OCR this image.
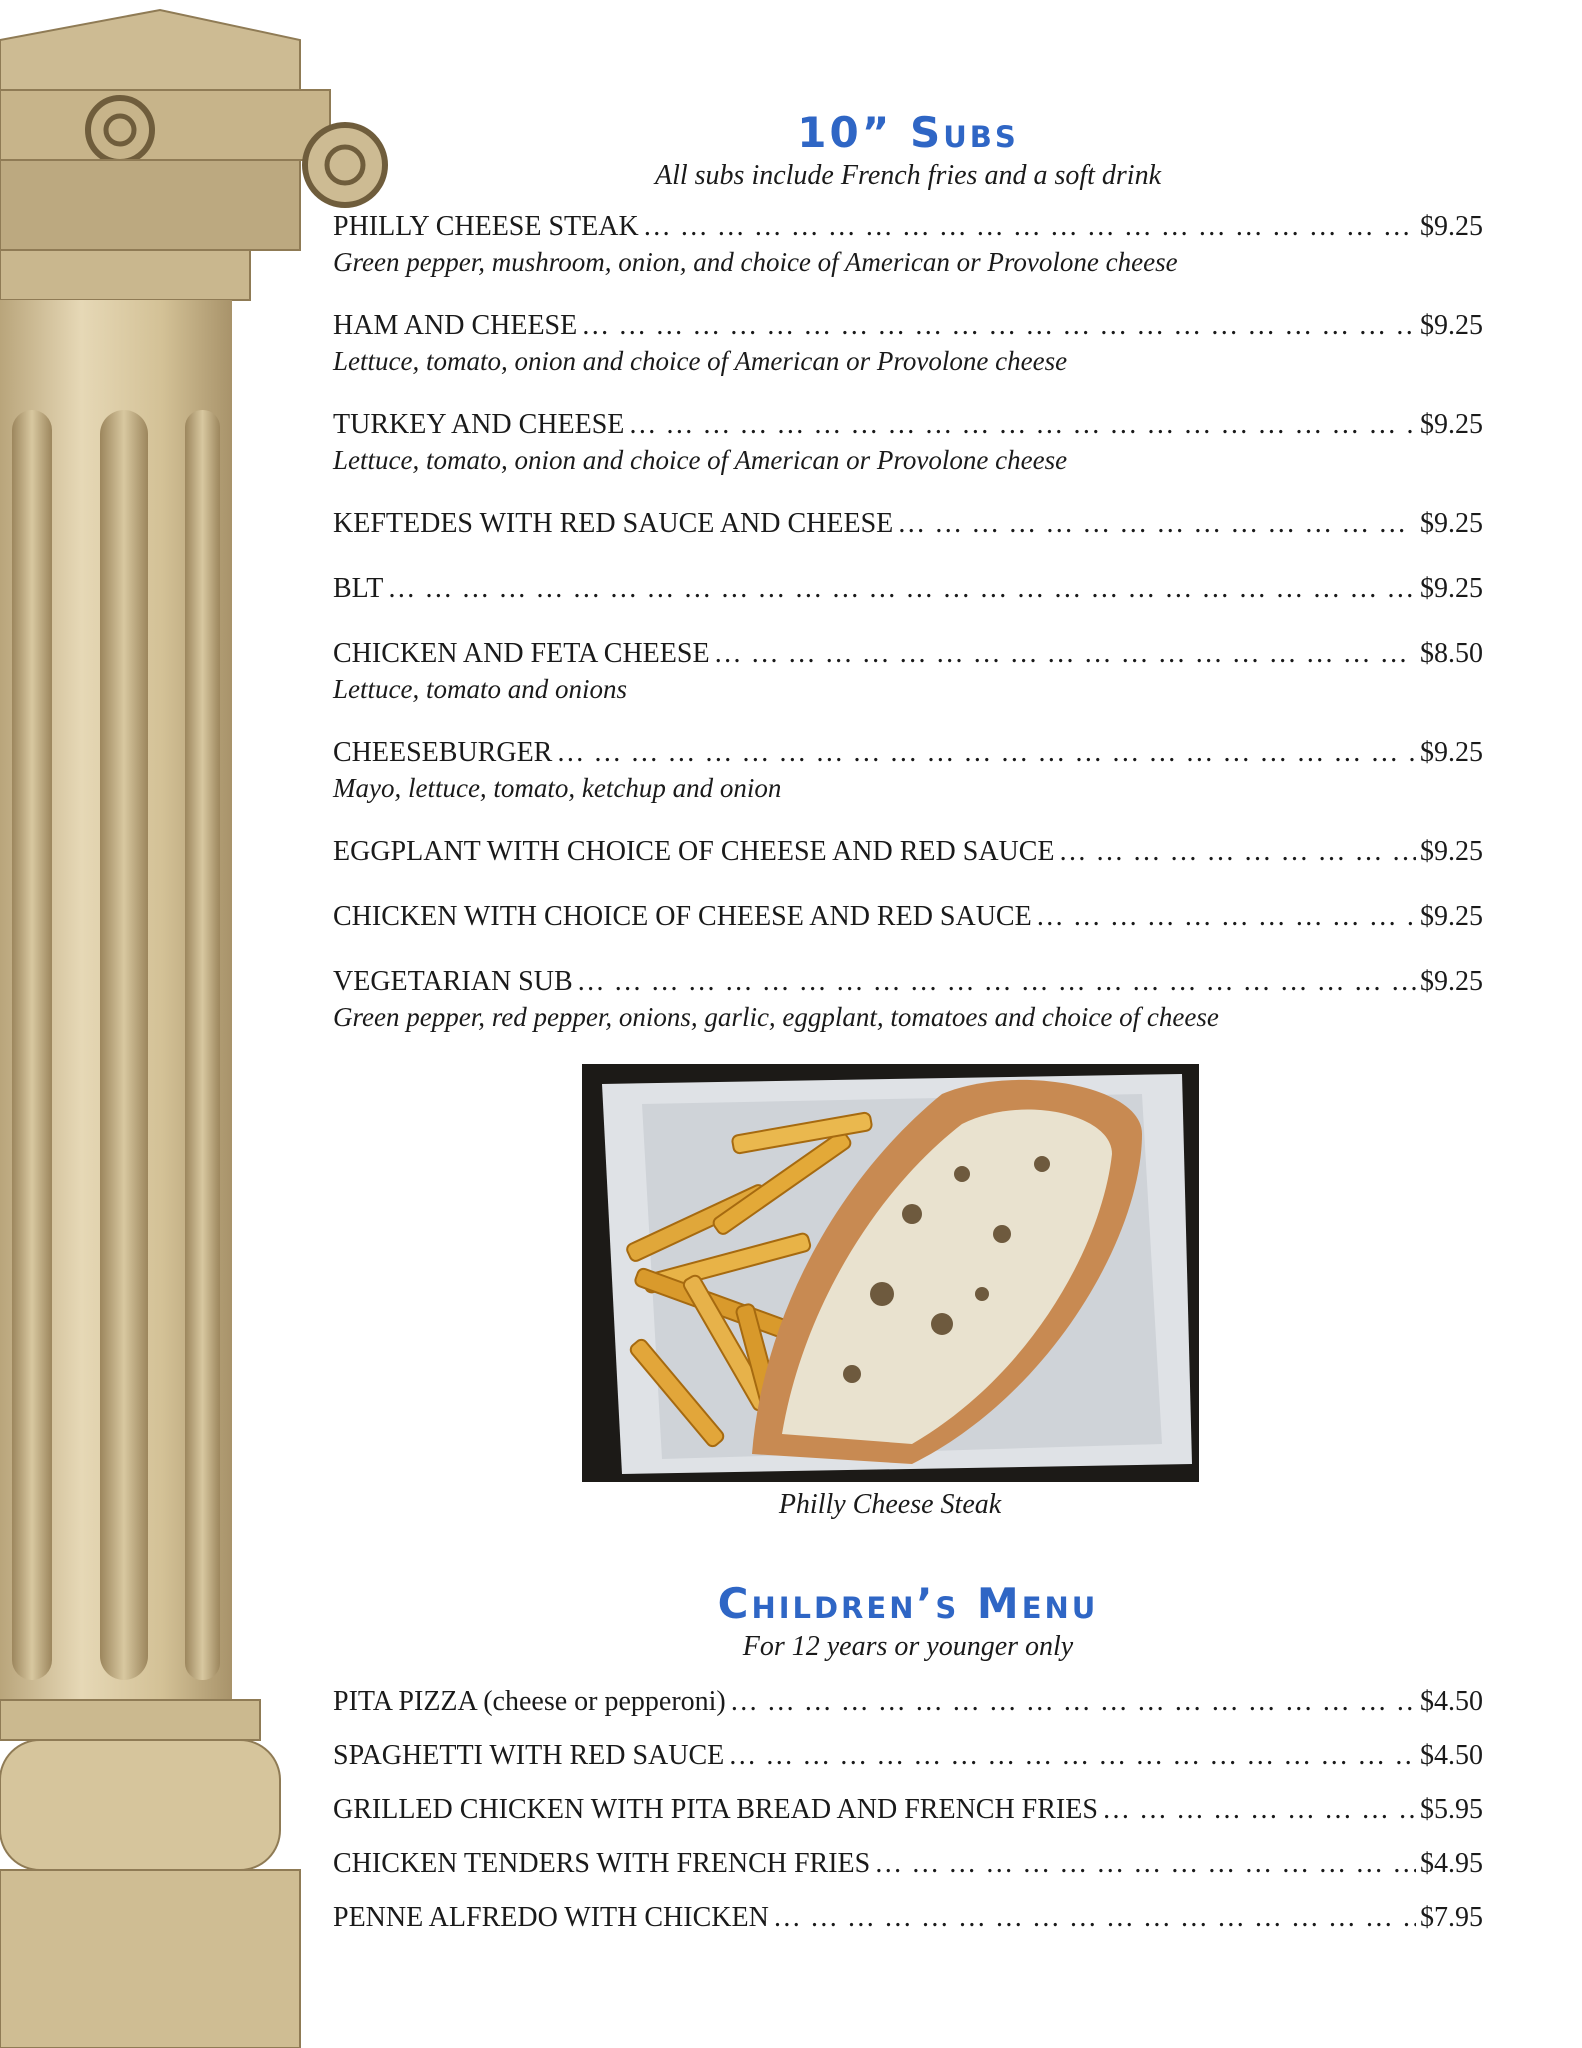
10” Subs

All subs include French fries and a soft drink

PHILLY CHEESE STEAK … … … … … … … … … … … … … … … … … … … … … … … … … … … … … … … … … … … … … … … … … … … … … … … … … … … … … … … … … …	$9.25
Green pepper, mushroom, onion, and choice of American or Provolone cheese
HAM AND CHEESE … … … … … … … … … … … … … … … … … … … … … … … … … … … … … … … … … … … … … … … … … … … … … … … … … … … … … … … … … …	$9.25
Lettuce, tomato, onion and choice of American or Provolone cheese
TURKEY AND CHEESE … … … … … … … … … … … … … … … … … … … … … … … … … … … … … … … … … … … … … … … … … … … … … … … … … … … … … … … … … …	$9.25
Lettuce, tomato, onion and choice of American or Provolone cheese
KEFTEDES WITH RED SAUCE AND CHEESE … … … … … … … … … … … … … … … … … … … … … … … … … … … … … … … … … … … … … … … … … … … … … … … … … … … … … … … … … …	$9.25
BLT … … … … … … … … … … … … … … … … … … … … … … … … … … … … … … … … … … … … … … … … … … … … … … … … … … … … … … … … … …	$9.25
CHICKEN AND FETA CHEESE … … … … … … … … … … … … … … … … … … … … … … … … … … … … … … … … … … … … … … … … … … … … … … … … … … … … … … … … … …	$8.50
Lettuce, tomato and onions
CHEESEBURGER … … … … … … … … … … … … … … … … … … … … … … … … … … … … … … … … … … … … … … … … … … … … … … … … … … … … … … … … … …	$9.25
Mayo, lettuce, tomato, ketchup and onion
EGGPLANT WITH CHOICE OF CHEESE AND RED SAUCE … … … … … … … … … … … … … … … … … … … … … … … … … … … … … … … … … … … … … … … … … … … … … … … … … … … … … … … … … …	$9.25
CHICKEN WITH CHOICE OF CHEESE AND RED SAUCE … … … … … … … … … … … … … … … … … … … … … … … … … … … … … … … … … … … … … … … … … … … … … … … … … … … … … … … … … …	$9.25
VEGETARIAN SUB … … … … … … … … … … … … … … … … … … … … … … … … … … … … … … … … … … … … … … … … … … … … … … … … … … … … … … … … … …	$9.25
Green pepper, red pepper, onions, garlic, eggplant, tomatoes and choice of cheese
Philly Cheese Steak
Children’s Menu

For 12 years or younger only

PITA PIZZA (cheese or pepperoni) … … … … … … … … … … … … … … … … … … … … … … … … … … … … … … … … … … … … … … … … … … … … … … … … … … … … … … … … … …	$4.50
SPAGHETTI WITH RED SAUCE … … … … … … … … … … … … … … … … … … … … … … … … … … … … … … … … … … … … … … … … … … … … … … … … … … … … … … … … … …	$4.50
GRILLED CHICKEN WITH PITA BREAD AND FRENCH FRIES … … … … … … … … … … … … … … … … … … … … … … … … … … … … … … … … … … … … … … … … … … … … … … … … … … … … … … … … … …	$5.95
CHICKEN TENDERS WITH FRENCH FRIES … … … … … … … … … … … … … … … … … … … … … … … … … … … … … … … … … … … … … … … … … … … … … … … … … … … … … … … … … …	$4.95
PENNE ALFREDO WITH CHICKEN … … … … … … … … … … … … … … … … … … … … … … … … … … … … … … … … … … … … … … … … … … … … … … … … … … … … … … … … … …	$7.95
